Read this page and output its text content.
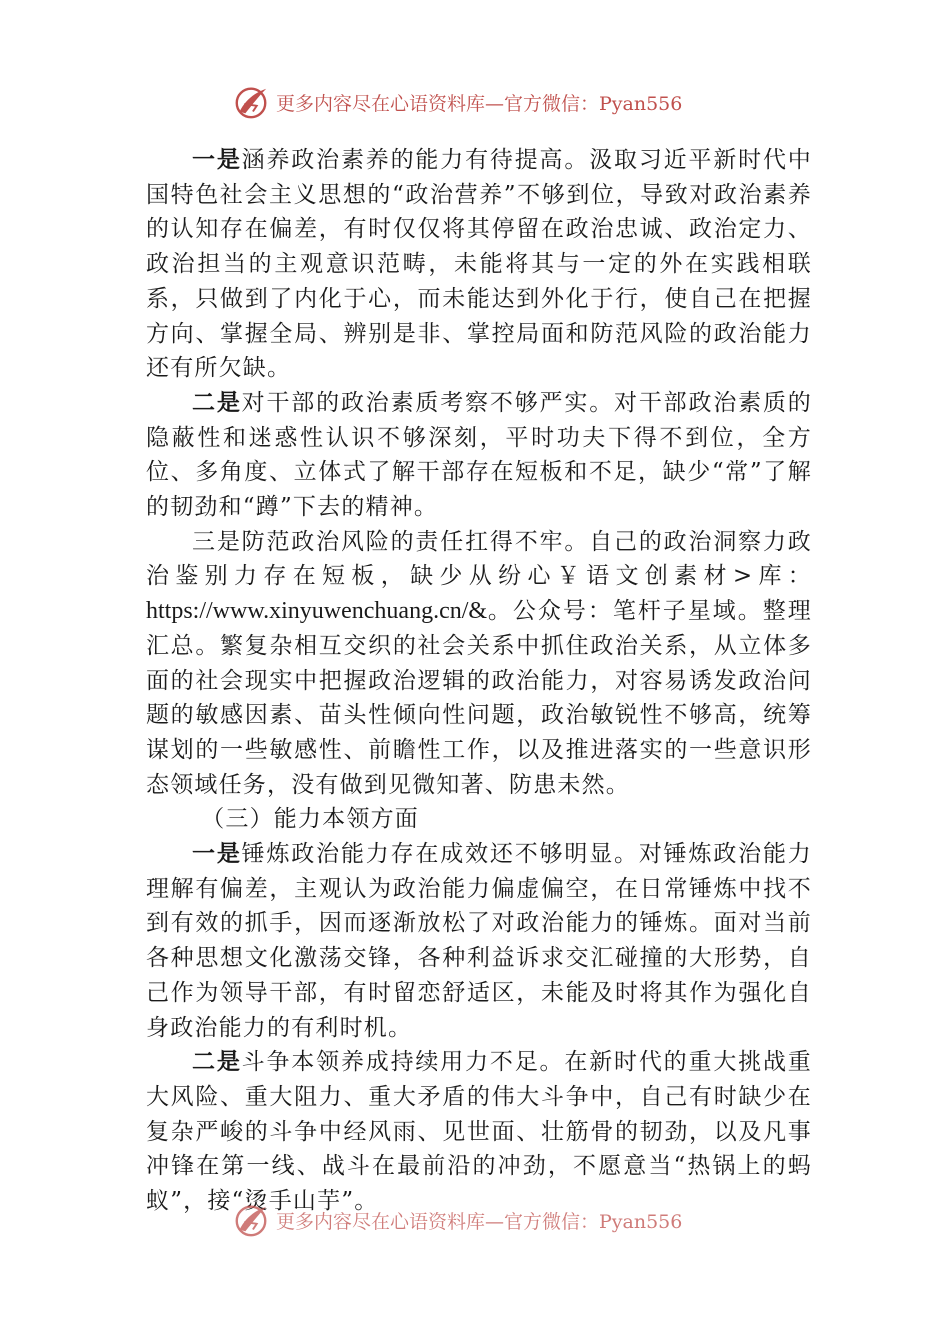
更多内容尽在心语资料库—官方微信：Pyan556

一是涵养政治素养的能力有待提高。汲取习近平新时代中国特色社会主义思想的“政治营养”不够到位，导致对政治素养的认知存在偏差，有时仅仅将其停留在政治忠诚、政治定力、政治担当的主观意识范畴，未能将其与一定的外在实践相联系，只做到了内化于心，而未能达到外化于行，使自己在把握方向、掌握全局、辨别是非、掌控局面和防范风险的政治能力还有所欠缺。

二是对干部的政治素质考察不够严实。对干部政治素质的隐蔽性和迷惑性认识不够深刻，平时功夫下得不到位，全方位、多角度、立体式了解干部存在短板和不足，缺少“常”了解的韧劲和“蹲”下去的精神。

三是防范政治风险的责任扛得不牢。自己的政治洞察力政治鉴别力存在短板，缺少从纷心￥语文创素材>库：https://www.xinyuwenchuang.cn/&。公众号：笔杆子星域。整理汇总。繁复杂相互交织的社会关系中抓住政治关系，从立体多面的社会现实中把握政治逻辑的政治能力，对容易诱发政治问题的敏感因素、苗头性倾向性问题，政治敏锐性不够高，统筹谋划的一些敏感性、前瞻性工作，以及推进落实的一些意识形态领域任务，没有做到见微知著、防患未然。

（三）能力本领方面

一是锤炼政治能力存在成效还不够明显。对锤炼政治能力理解有偏差，主观认为政治能力偏虚偏空，在日常锤炼中找不到有效的抓手，因而逐渐放松了对政治能力的锤炼。面对当前各种思想文化激荡交锋，各种利益诉求交汇碰撞的大形势，自己作为领导干部，有时留恋舒适区，未能及时将其作为强化自身政治能力的有利时机。

二是斗争本领养成持续用力不足。在新时代的重大挑战重大风险、重大阻力、重大矛盾的伟大斗争中，自己有时缺少在复杂严峻的斗争中经风雨、见世面、壮筋骨的韧劲，以及凡事冲锋在第一线、战斗在最前沿的冲劲，不愿意当“热锅上的蚂蚁”，接“烫手山芋”。

更多内容尽在心语资料库—官方微信：Pyan556
